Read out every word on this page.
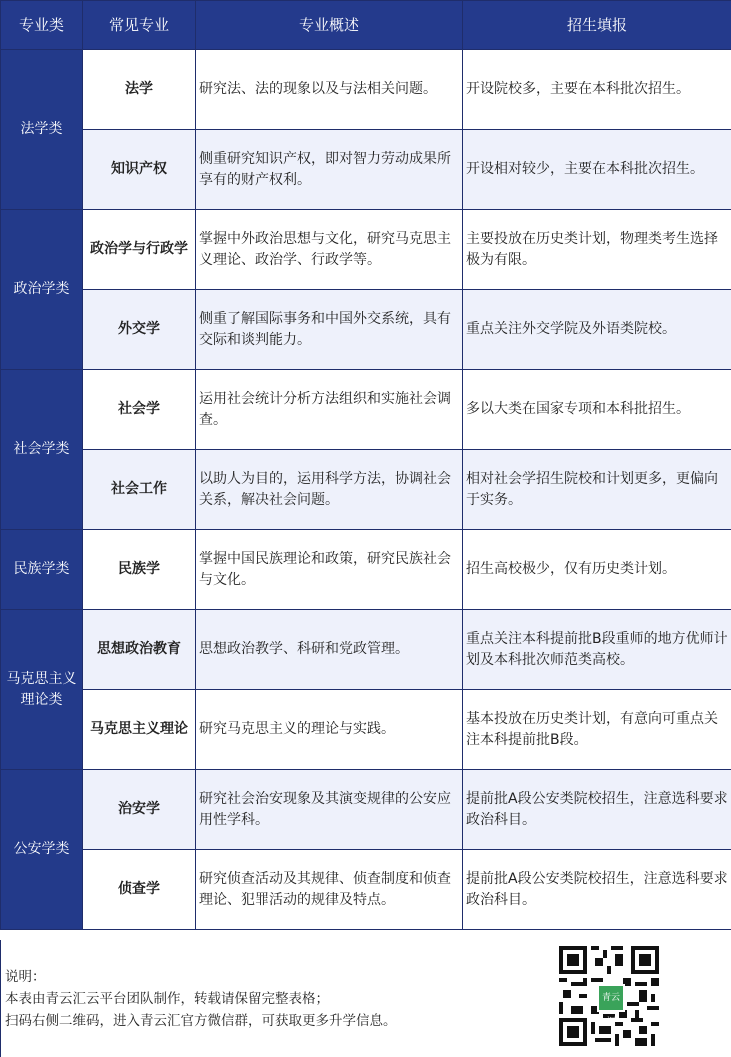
专业类	常见专业	专业概述	招生填报
法学类	法学	研究法、法的现象以及与法相关问题。	开设院校多，主要在本科批次招生。
	知识产权	侧重研究知识产权，即对智力劳动成果所享有的财产权利。	开设相对较少，主要在本科批次招生。
政治学类	政治学与行政学	掌握中外政治思想与文化，研究马克思主义理论、政治学、行政学等。	主要投放在历史类计划，物理类考生选择极为有限。
	外交学	侧重了解国际事务和中国外交系统，具有交际和谈判能力。	重点关注外交学院及外语类院校。
社会学类	社会学	运用社会统计分析方法组织和实施社会调查。	多以大类在国家专项和本科批招生。
	社会工作	以助人为目的，运用科学方法，协调社会关系，解决社会问题。	相对社会学招生院校和计划更多，更偏向于实务。
民族学类	民族学	掌握中国民族理论和政策，研究民族社会与文化。	招生高校极少，仅有历史类计划。
马克思主义理论类	思想政治教育	思想政治教学、科研和党政管理。	重点关注本科提前批B段重师的地方优师计划及本科批次师范类高校。
	马克思主义理论	研究马克思主义的理论与实践。	基本投放在历史类计划，有意向可重点关注本科提前批B段。
公安学类	治安学	研究社会治安现象及其演变规律的公安应用性学科。	提前批A段公安类院校招生，注意选科要求政治科目。
	侦查学	研究侦查活动及其规律、侦查制度和侦查理论、犯罪活动的规律及特点。	提前批A段公安类院校招生，注意选科要求政治科目。
说明：
本表由青云汇云平台团队制作，转载请保留完整表格；
扫码右侧二维码，进入青云汇官方微信群，可获取更多升学信息。
青云汇
